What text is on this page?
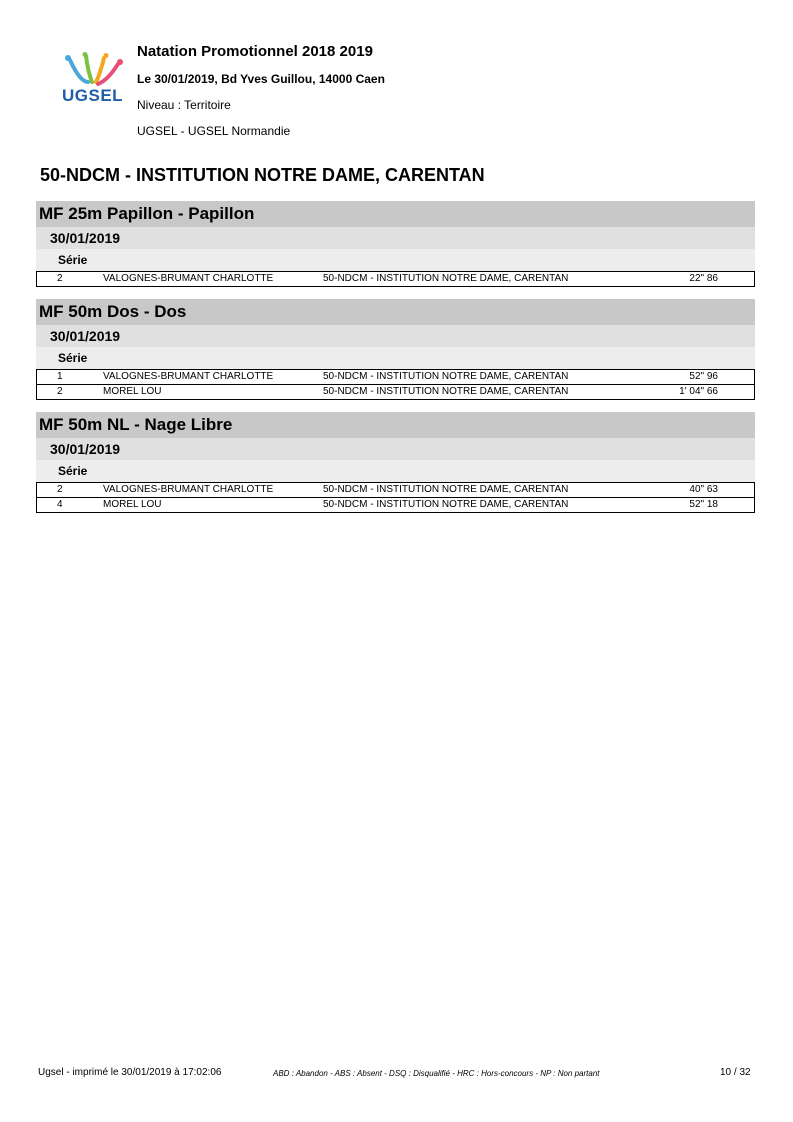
UGSEL
Natation Promotionnel 2018 2019
Le 30/01/2019, Bd Yves Guillou, 14000 Caen
Niveau : Territoire
UGSEL - UGSEL Normandie
50-NDCM - INSTITUTION NOTRE DAME, CARENTAN
MF 25m Papillon - Papillon
30/01/2019
Série
2	VALOGNES-BRUMANT CHARLOTTE	50-NDCM - INSTITUTION NOTRE DAME, CARENTAN	22" 86
MF 50m Dos - Dos
30/01/2019
Série
1	VALOGNES-BRUMANT CHARLOTTE	50-NDCM - INSTITUTION NOTRE DAME, CARENTAN	52" 96
2	MOREL LOU	50-NDCM - INSTITUTION NOTRE DAME, CARENTAN	1' 04" 66
MF 50m NL - Nage Libre
30/01/2019
Série
2	VALOGNES-BRUMANT CHARLOTTE	50-NDCM - INSTITUTION NOTRE DAME, CARENTAN	40" 63
4	MOREL LOU	50-NDCM - INSTITUTION NOTRE DAME, CARENTAN	52" 18
Ugsel - imprimé le 30/01/2019 à 17:02:06	ABD : Abandon - ABS : Absent - DSQ : Disqualifié - HRC : Hors-concours - NP : Non partant	10 / 32
